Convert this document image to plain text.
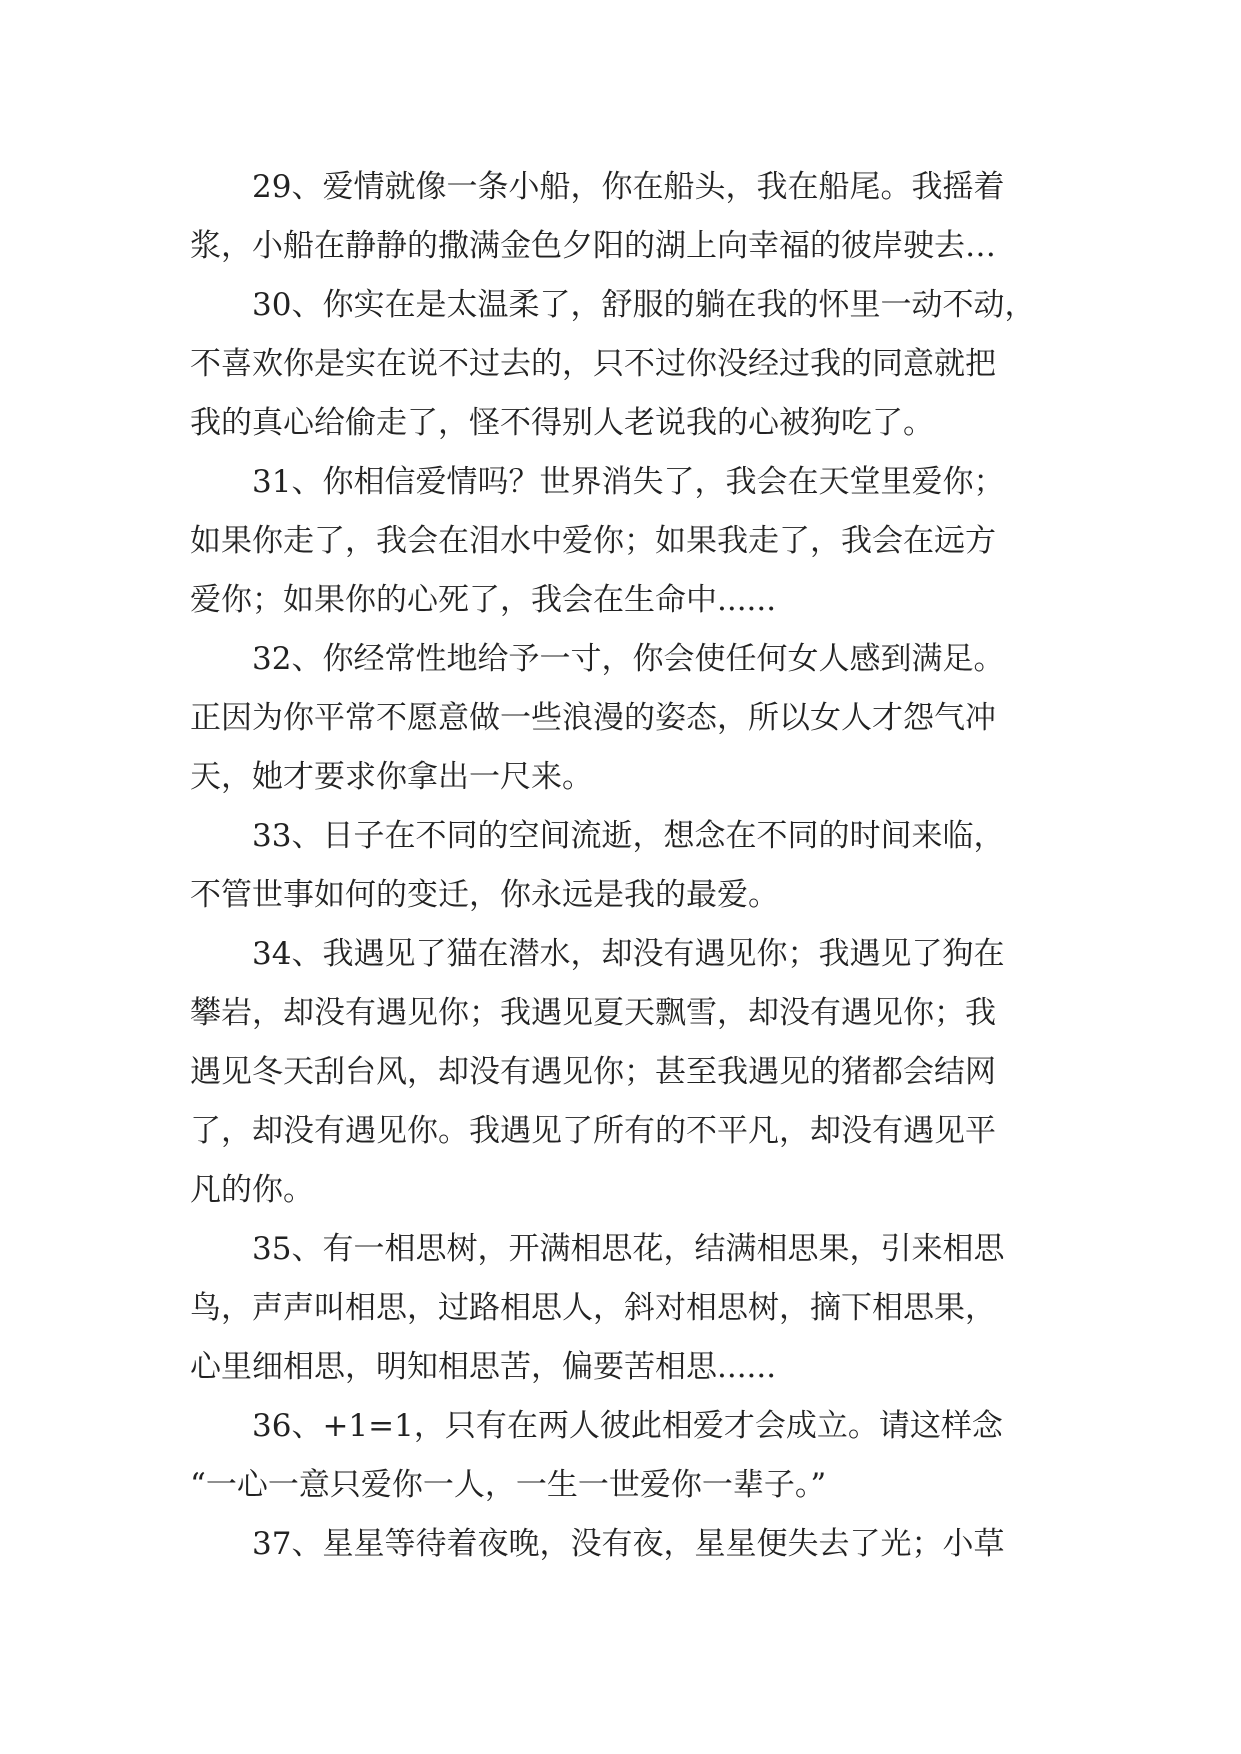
29、爱情就像一条小船，你在船头，我在船尾。我摇着
浆，小船在静静的撒满金色夕阳的湖上向幸福的彼岸驶去…
30、你实在是太温柔了，舒服的躺在我的怀里一动不动，
不喜欢你是实在说不过去的，只不过你没经过我的同意就把
我的真心给偷走了，怪不得别人老说我的心被狗吃了。
31、你相信爱情吗？世界消失了，我会在天堂里爱你；
如果你走了，我会在泪水中爱你；如果我走了，我会在远方
爱你；如果你的心死了，我会在生命中......
32、你经常性地给予一寸，你会使任何女人感到满足。
正因为你平常不愿意做一些浪漫的姿态，所以女人才怨气冲
天，她才要求你拿出一尺来。
33、日子在不同的空间流逝，想念在不同的时间来临，
不管世事如何的变迁，你永远是我的最爱。
34、我遇见了猫在潜水，却没有遇见你；我遇见了狗在
攀岩，却没有遇见你；我遇见夏天飘雪，却没有遇见你；我
遇见冬天刮台风，却没有遇见你；甚至我遇见的猪都会结网
了，却没有遇见你。我遇见了所有的不平凡，却没有遇见平
凡的你。
35、有一相思树，开满相思花，结满相思果，引来相思
鸟，声声叫相思，过路相思人，斜对相思树，摘下相思果，
心里细相思，明知相思苦，偏要苦相思......
36、+1=1，只有在两人彼此相爱才会成立。请这样念
“一心一意只爱你一人，一生一世爱你一辈子。”
37、星星等待着夜晚，没有夜，星星便失去了光；小草
